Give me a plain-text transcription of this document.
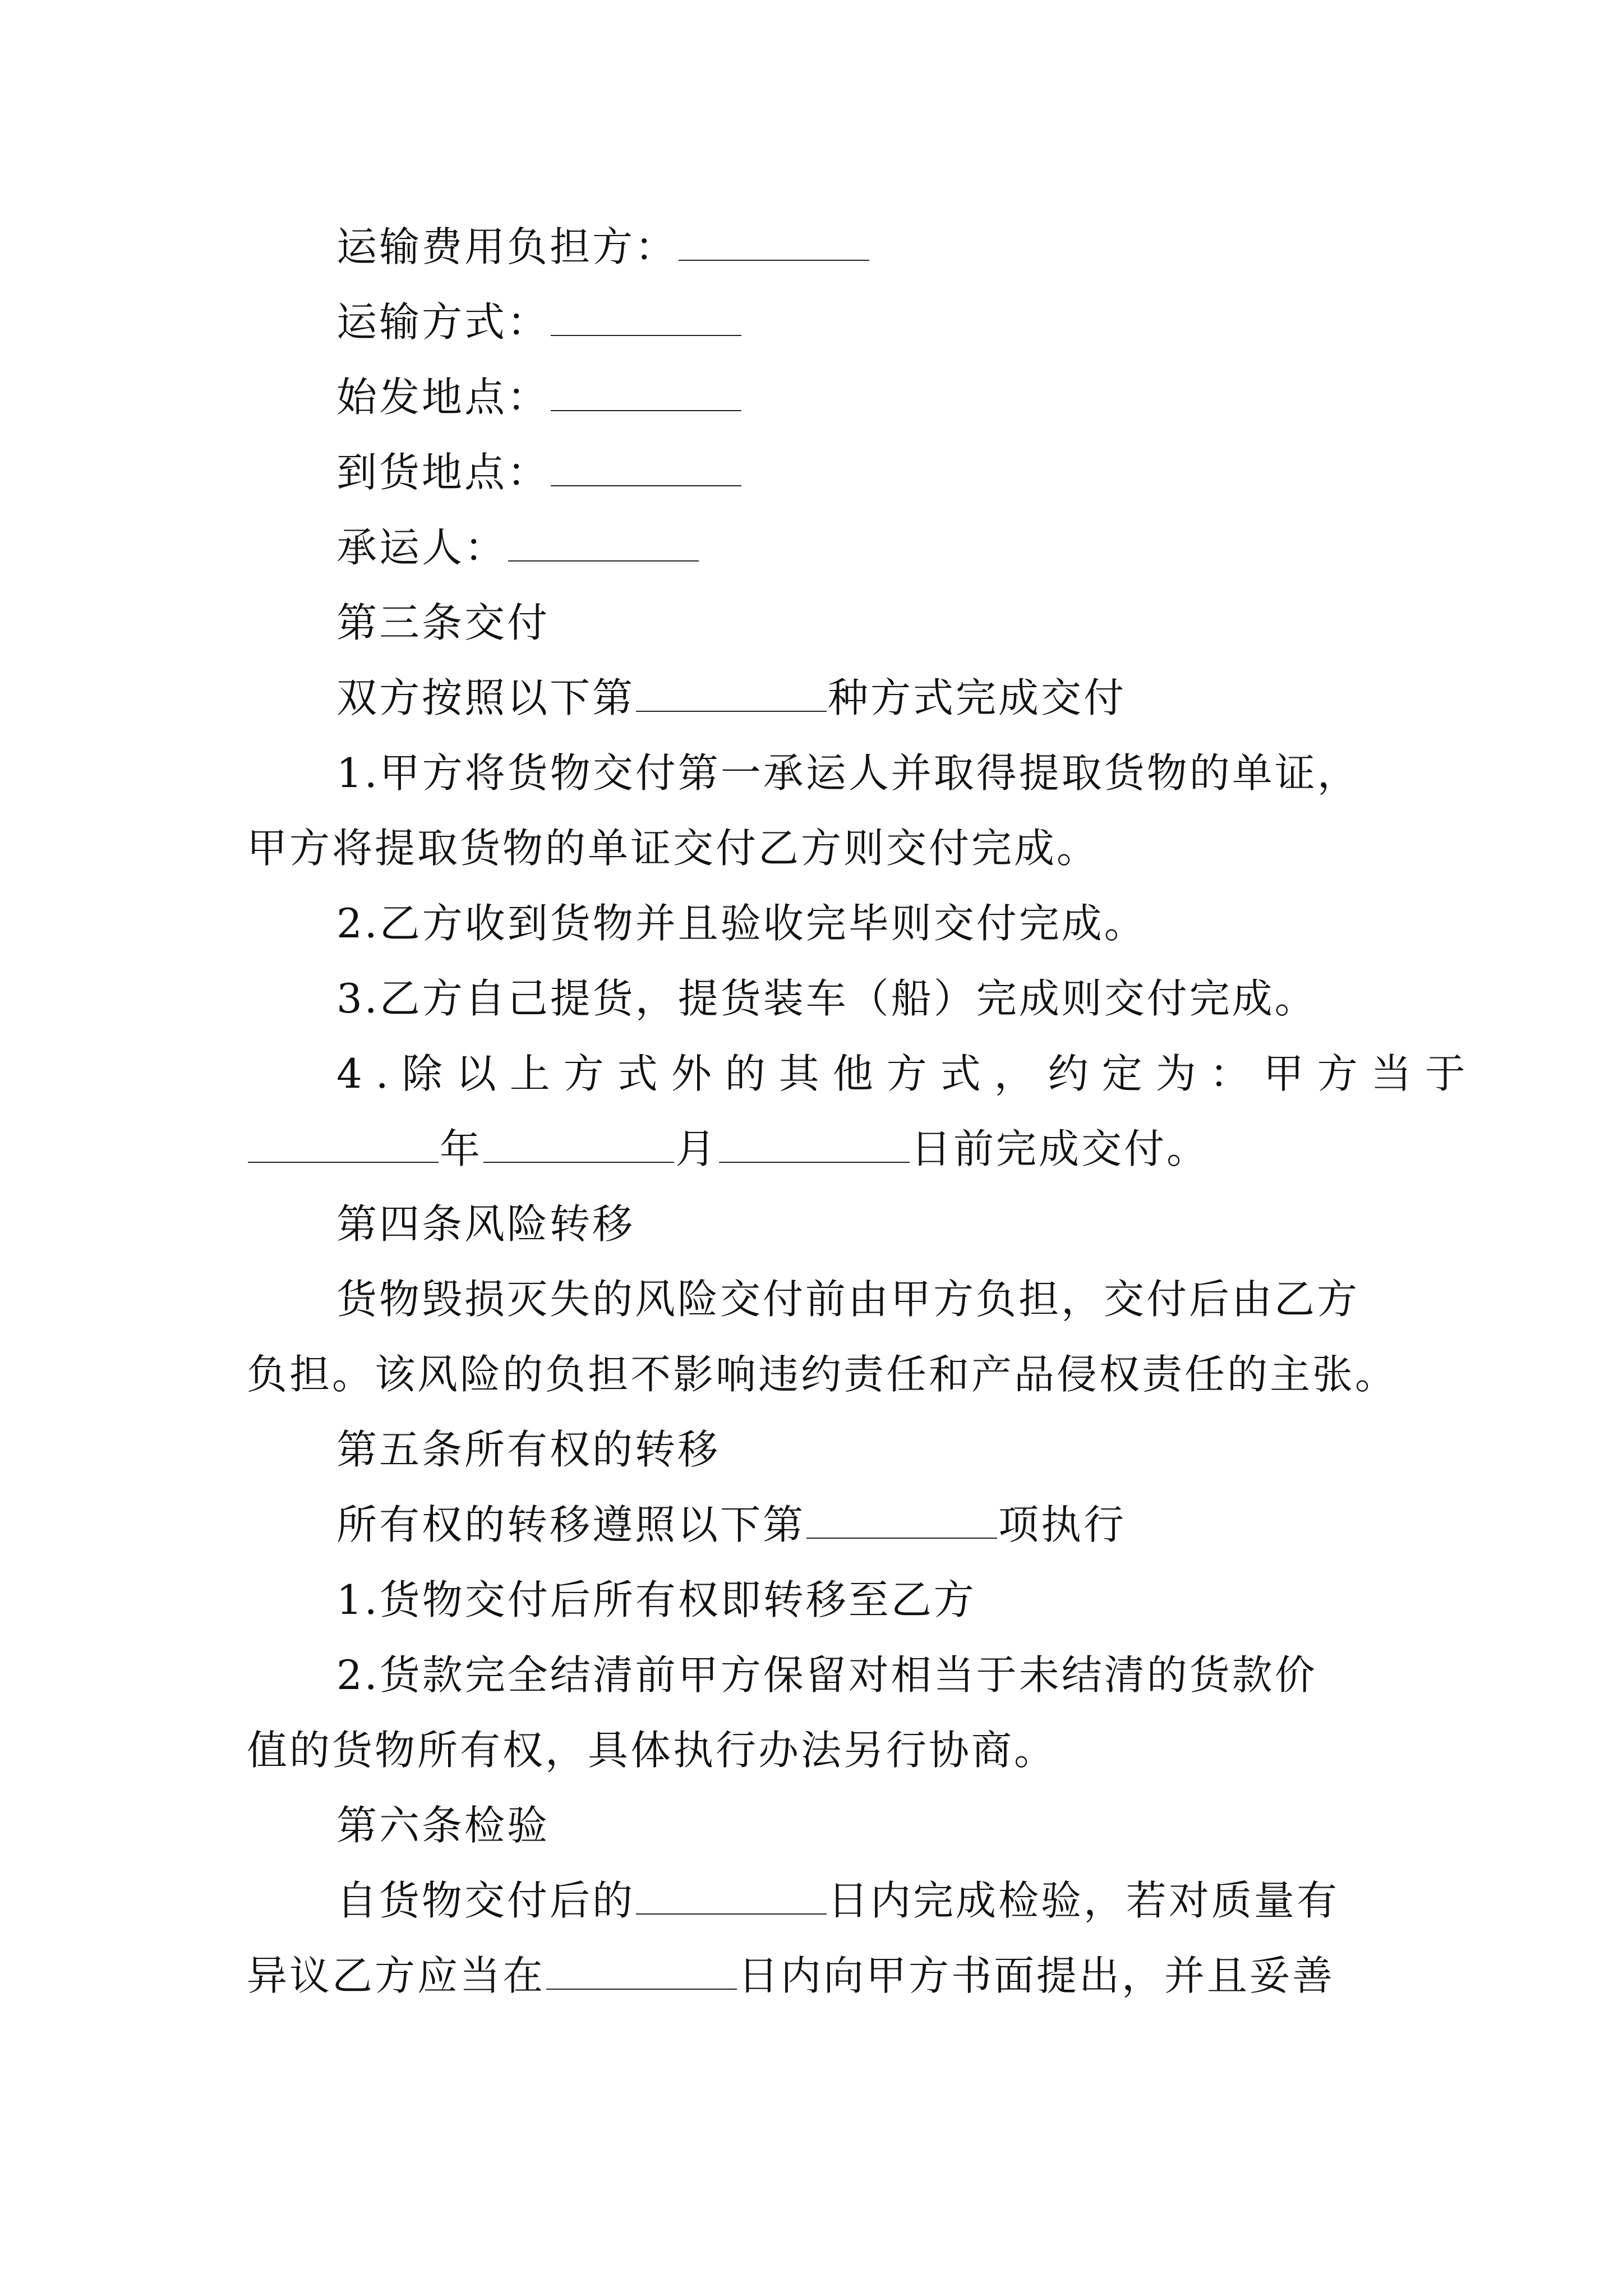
运输费用负担方：
运输方式：
始发地点：
到货地点：
承运人：
第三条交付
双方按照以下第	种方式完成交付
1.甲方将货物交付第一承运人并取得提取货物的单证，
甲方将提取货物的单证交付乙方则交付完成。
2.乙方收到货物并且验收完毕则交付完成。
3.乙方自己提货，提货装车（船）完成则交付完成。
4.除以上方式外的其他方式，约定为：甲方当于
年	月	日前完成交付。
第四条风险转移
货物毁损灭失的风险交付前由甲方负担，交付后由乙方
负担。该风险的负担不影响违约责任和产品侵权责任的主张。
第五条所有权的转移
所有权的转移遵照以下第	项执行
1.货物交付后所有权即转移至乙方
2.货款完全结清前甲方保留对相当于未结清的货款价
值的货物所有权，具体执行办法另行协商。
第六条检验
自货物交付后的	日内完成检验，若对质量有
异议乙方应当在	日内向甲方书面提出，并且妥善
